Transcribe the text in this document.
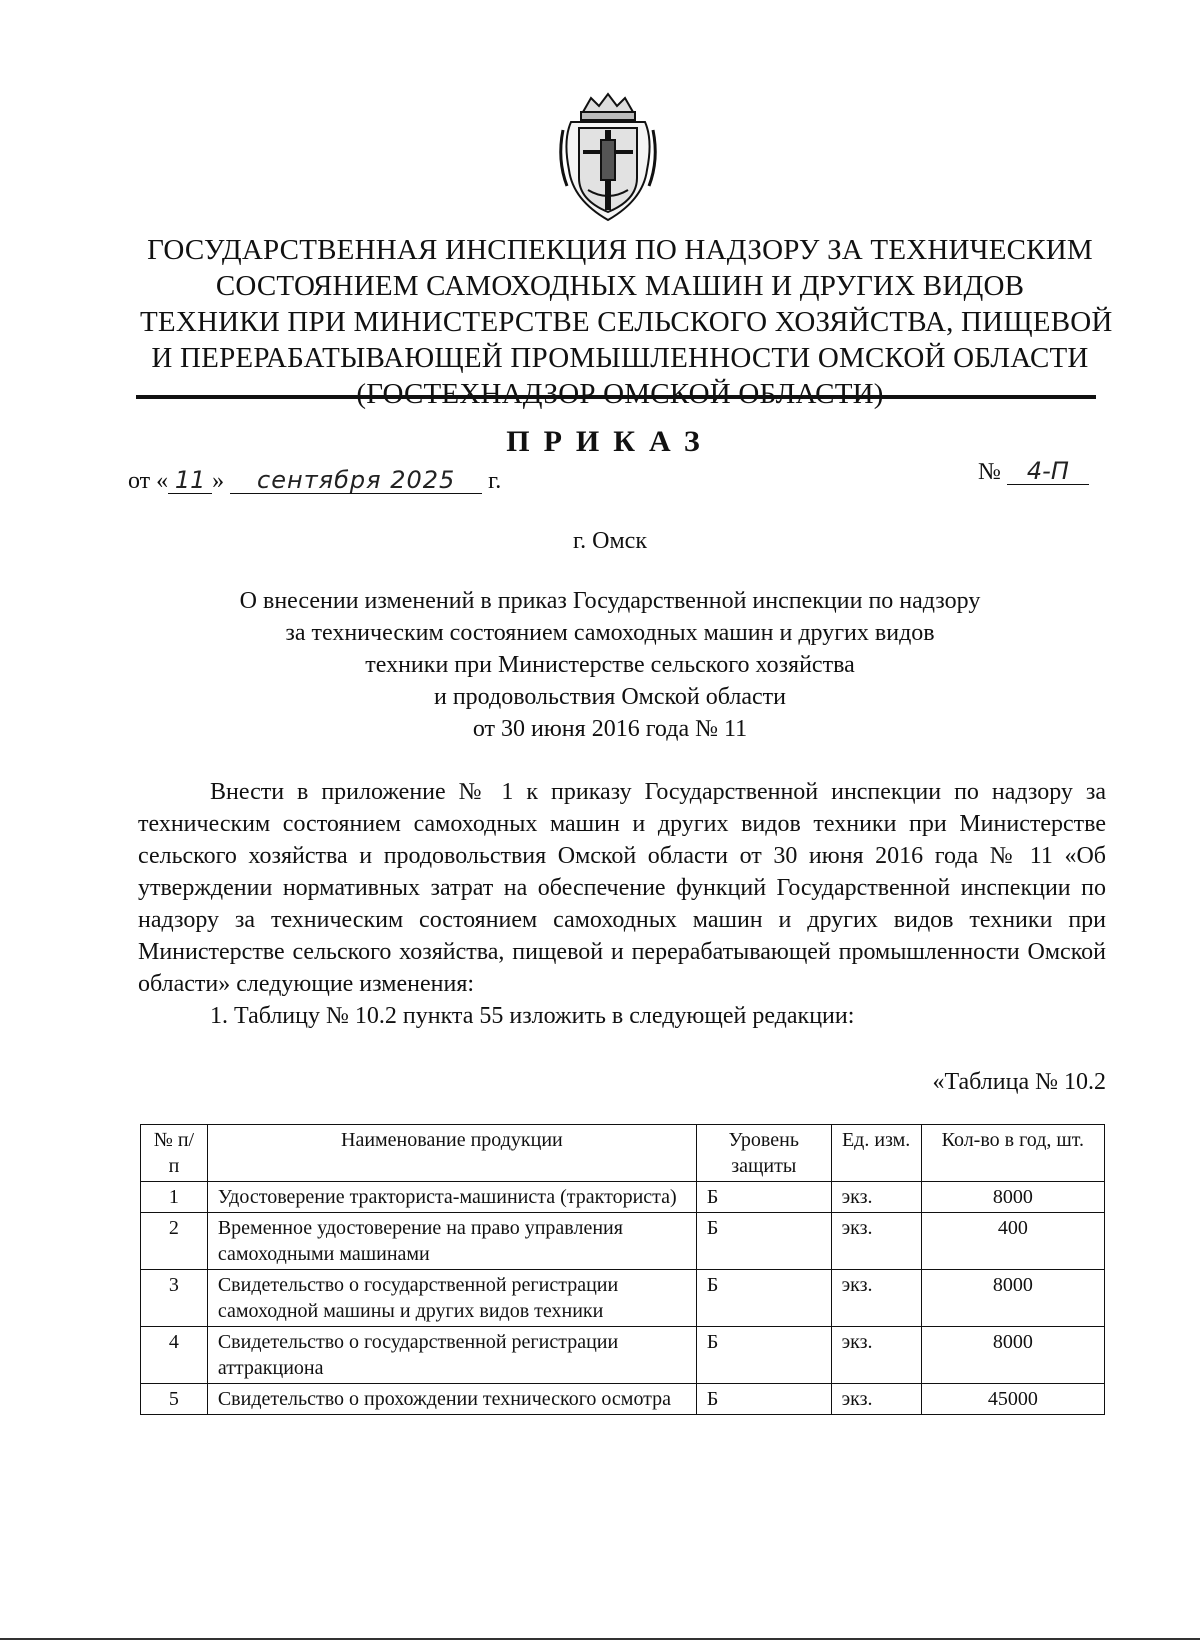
ГОСУДАРСТВЕННАЯ ИНСПЕКЦИЯ ПО НАДЗОРУ ЗА ТЕХНИЧЕСКИМ
СОСТОЯНИЕМ САМОХОДНЫХ МАШИН И ДРУГИХ ВИДОВ
ТЕХНИКИ ПРИ МИНИСТЕРСТВЕ СЕЛЬСКОГО ХОЗЯЙСТВА, ПИЩЕВОЙ
И ПЕРЕРАБАТЫВАЮЩЕЙ ПРОМЫШЛЕННОСТИ ОМСКОЙ ОБЛАСТИ
(ГОСТЕХНАДЗОР ОМСКОЙ ОБЛАСТИ)
ПРИКАЗ
от « 11 » сентября 2025 г.	№ 4-П
г. Омск
О внесении изменений в приказ Государственной инспекции по надзору
за техническим состоянием самоходных машин и других видов
техники при Министерстве сельского хозяйства
и продовольствия Омской области
от 30 июня 2016 года № 11

Внести в приложение № 1 к приказу Государственной инспекции по надзору за техническим состоянием самоходных машин и других видов техники при Министерстве сельского хозяйства и продовольствия Омской области от 30 июня 2016 года № 11 «Об утверждении нормативных затрат на обеспечение функций Государственной инспекции по надзору за техническим состоянием самоходных машин и других видов техники при Министерстве сельского хозяйства, пищевой и перерабатывающей промышленности Омской области» следующие изменения:

1. Таблицу № 10.2 пункта 55 изложить в следующей редакции:

«Таблица № 10.2
№ п/п	Наименование продукции	Уровень защиты	Ед. изм.	Кол-во в год, шт.
1	Удостоверение тракториста-машиниста (тракториста)	Б	экз.	8000
2	Временное удостоверение на право управления самоходными машинами	Б	экз.	400
3	Свидетельство о государственной регистрации самоходной машины и других видов техники	Б	экз.	8000
4	Свидетельство о государственной регистрации аттракциона	Б	экз.	8000
5	Свидетельство о прохождении технического осмотра	Б	экз.	45000
